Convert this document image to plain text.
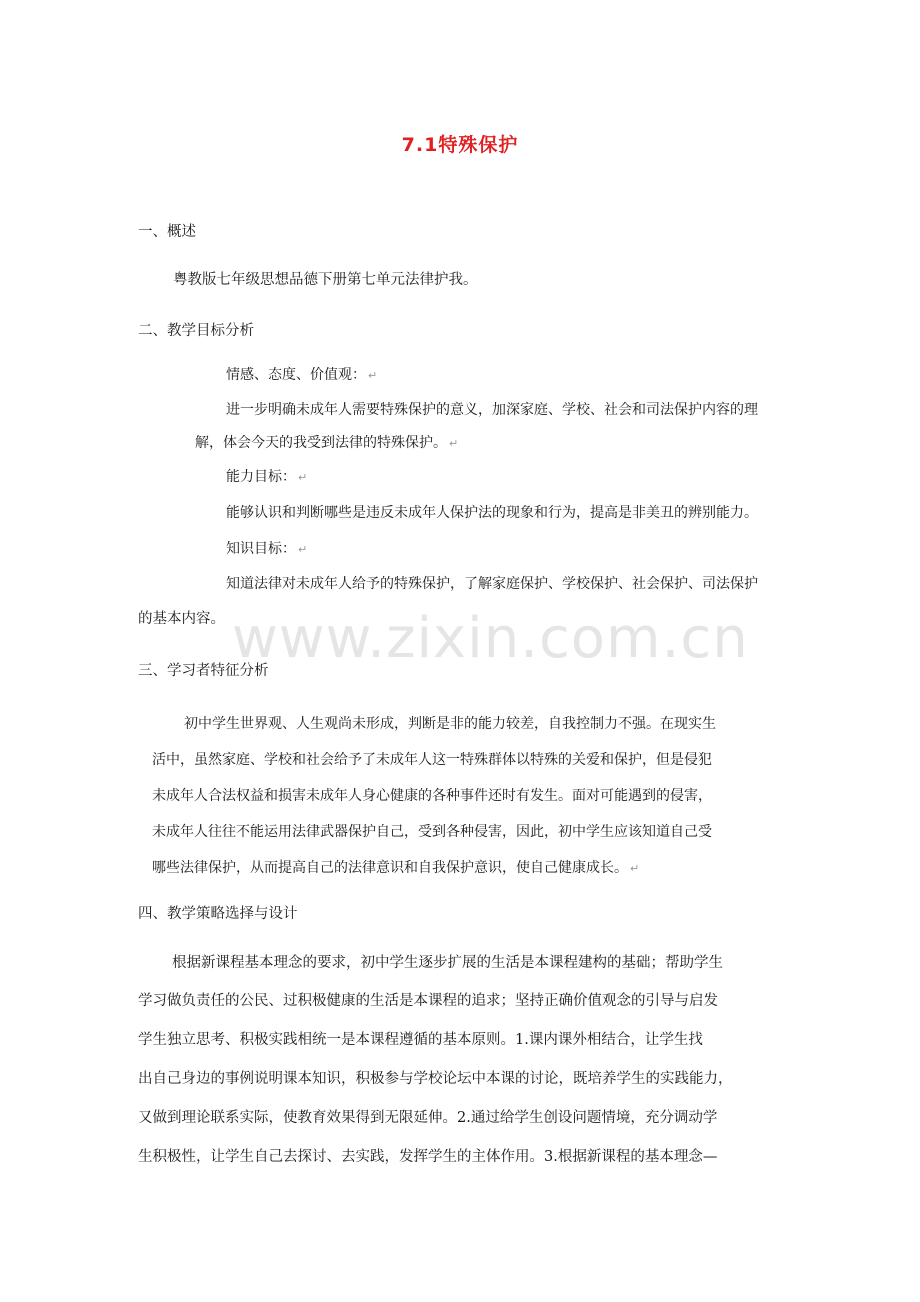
7.1特殊保护
一、概述
粤教版七年级思想品德下册第七单元法律护我。
二、教学目标分析
情感、态度、价值观： ↵
进一步明确未成年人需要特殊保护的意义，加深家庭、学校、社会和司法保护内容的理
解，体会今天的我受到法律的特殊保护。 ↵
能力目标： ↵
能够认识和判断哪些是违反未成年人保护法的现象和行为，提高是非美丑的辨别能力。
知识目标： ↵
知道法律对未成年人给予的特殊保护，了解家庭保护、学校保护、社会保护、司法保护
的基本内容。
三、学习者特征分析
初中学生世界观、人生观尚未形成，判断是非的能力较差，自我控制力不强。在现实生
活中，虽然家庭、学校和社会给予了未成年人这一特殊群体以特殊的关爱和保护，但是侵犯
未成年人合法权益和损害未成年人身心健康的各种事件还时有发生。面对可能遇到的侵害，
未成年人往往不能运用法律武器保护自己，受到各种侵害，因此，初中学生应该知道自己受
哪些法律保护，从而提高自己的法律意识和自我保护意识，使自己健康成长。 ↵
四、教学策略选择与设计
根据新课程基本理念的要求，初中学生逐步扩展的生活是本课程建构的基础；帮助学生
学习做负责任的公民、过积极健康的生活是本课程的追求；坚持正确价值观念的引导与启发
学生独立思考、积极实践相统一是本课程遵循的基本原则。1.课内课外相结合，让学生找
出自己身边的事例说明课本知识，积极参与学校论坛中本课的讨论，既培养学生的实践能力，
又做到理论联系实际，使教育效果得到无限延伸。2.通过给学生创设问题情境，充分调动学
生积极性，让学生自己去探讨、去实践，发挥学生的主体作用。3.根据新课程的基本理念—
www.zixin.com.cn
